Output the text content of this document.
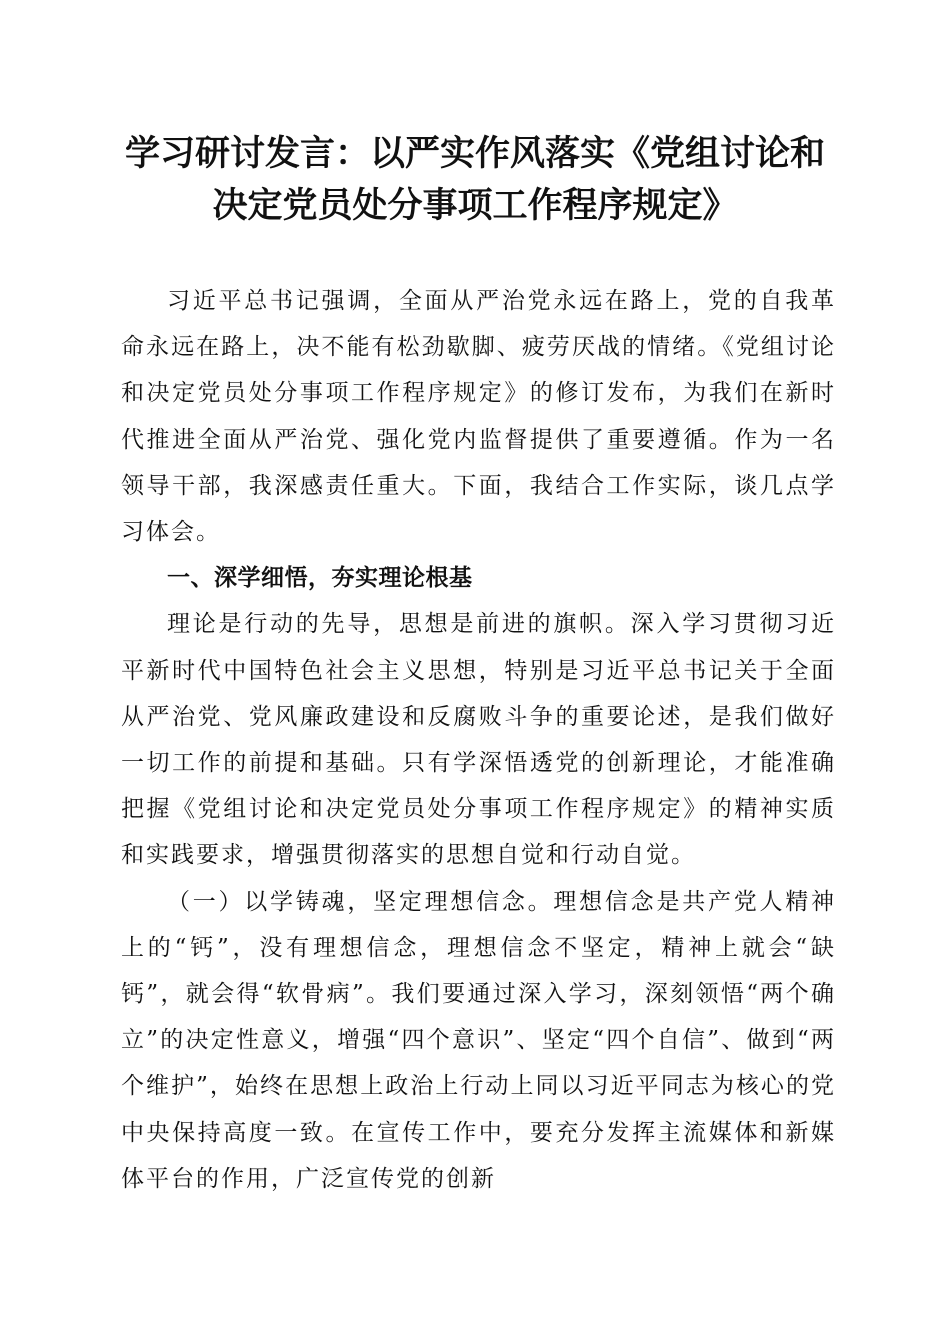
学习研讨发言：以严实作风落实《党组讨论和
决定党员处分事项工作程序规定》

习近平总书记强调，全面从严治党永远在路上，党的自我革命永远在路上，决不能有松劲歇脚、疲劳厌战的情绪。《党组讨论和决定党员处分事项工作程序规定》的修订发布，为我们在新时代推进全面从严治党、强化党内监督提供了重要遵循。作为一名领导干部，我深感责任重大。下面，我结合工作实际，谈几点学习体会。

一、深学细悟，夯实理论根基

理论是行动的先导，思想是前进的旗帜。深入学习贯彻习近平新时代中国特色社会主义思想，特别是习近平总书记关于全面从严治党、党风廉政建设和反腐败斗争的重要论述，是我们做好一切工作的前提和基础。只有学深悟透党的创新理论，才能准确把握《党组讨论和决定党员处分事项工作程序规定》的精神实质和实践要求，增强贯彻落实的思想自觉和行动自觉。

（一）以学铸魂，坚定理想信念。理想信念是共产党人精神上的“钙”，没有理想信念，理想信念不坚定，精神上就会“缺钙”，就会得“软骨病”。我们要通过深入学习，深刻领悟“两个确立”的决定性意义，增强“四个意识”、坚定“四个自信”、做到“两个维护”，始终在思想上政治上行动上同以习近平同志为核心的党中央保持高度一致。在宣传工作中，要充分发挥主流媒体和新媒体平台的作用，广泛宣传党的创新
